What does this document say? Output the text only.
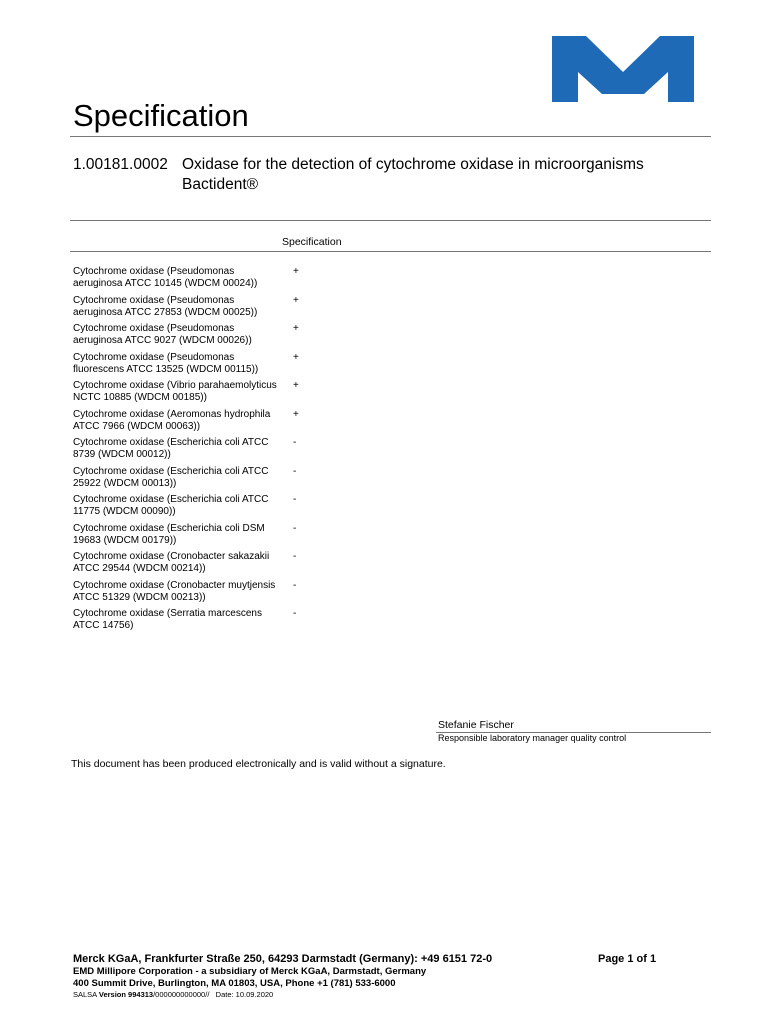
Specification
1.00181.0002 Oxidase for the detection of cytochrome oxidase in microorganisms
Bactident®
Specification
Cytochrome oxidase (Pseudomonas
aeruginosa ATCC 10145 (WDCM 00024))
+
Cytochrome oxidase (Pseudomonas
aeruginosa ATCC 27853 (WDCM 00025))
+
Cytochrome oxidase (Pseudomonas
aeruginosa ATCC 9027 (WDCM 00026))
+
Cytochrome oxidase (Pseudomonas
fluorescens ATCC 13525 (WDCM 00115))
+
Cytochrome oxidase (Vibrio parahaemolyticus
NCTC 10885 (WDCM 00185))
+
Cytochrome oxidase (Aeromonas hydrophila
ATCC 7966 (WDCM 00063))
+
Cytochrome oxidase (Escherichia coli ATCC
8739 (WDCM 00012))
-
Cytochrome oxidase (Escherichia coli ATCC
25922 (WDCM 00013))
-
Cytochrome oxidase (Escherichia coli ATCC
11775 (WDCM 00090))
-
Cytochrome oxidase (Escherichia coli DSM
19683 (WDCM 00179))
-
Cytochrome oxidase (Cronobacter sakazakii
ATCC 29544 (WDCM 00214))
-
Cytochrome oxidase (Cronobacter muytjensis
ATCC 51329 (WDCM 00213))
-
Cytochrome oxidase (Serratia marcescens
ATCC 14756)
-
Stefanie Fischer
Responsible laboratory manager quality control
This document has been produced electronically and is valid without a signature.
Merck KGaA, Frankfurter Straße 250, 64293 Darmstadt (Germany): +49 6151 72-0	Page 1 of 1
EMD Millipore Corporation - a subsidiary of Merck KGaA, Darmstadt, Germany
400 Summit Drive, Burlington, MA 01803, USA, Phone +1 (781) 533-6000
SALSA Version 994313/000000000000// Date: 10.09.2020
